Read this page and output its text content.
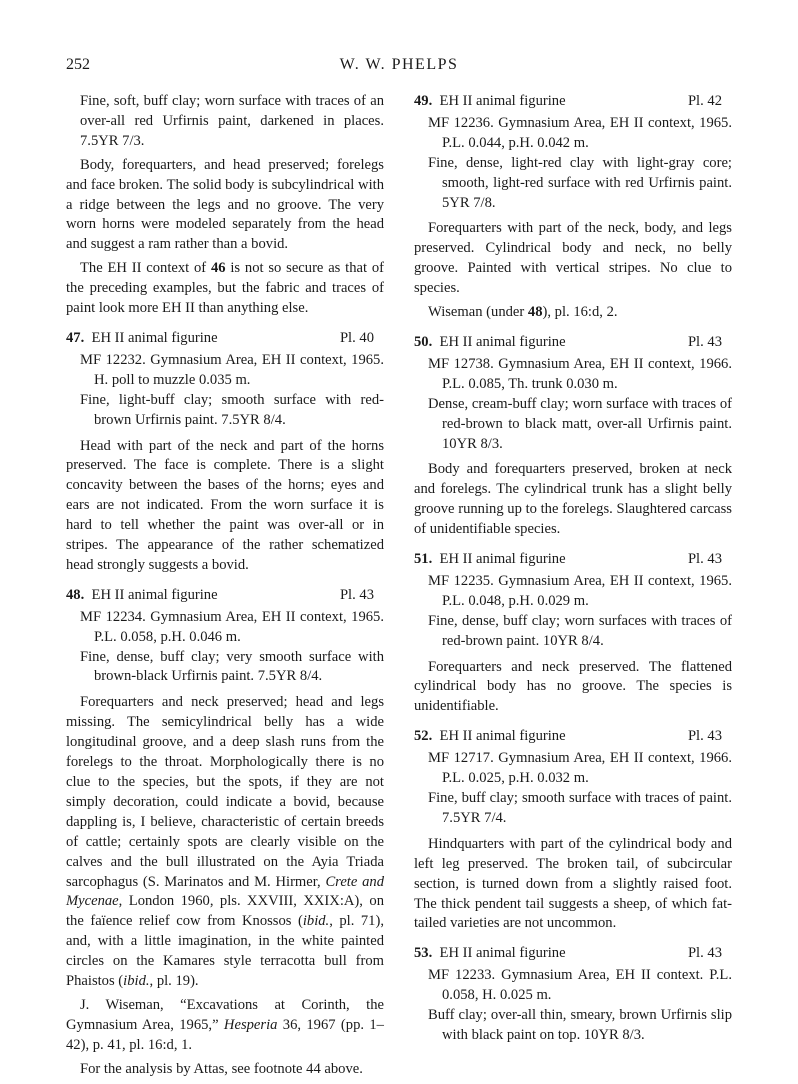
252	W. W. PHELPS

Fine, soft, buff clay; worn surface with traces of an over-all red Urfirnis paint, darkened in places. 7.5YR 7/3.

Body, forequarters, and head preserved; forelegs and face broken. The solid body is subcylindrical with a ridge between the legs and no groove. The very worn horns were modeled separately from the head and suggest a ram rather than a bovid.

The EH II context of 46 is not so secure as that of the preceding examples, but the fabric and traces of paint look more EH II than anything else.

47. EH II animal figurine	Pl. 40

MF 12232. Gymnasium Area, EH II context, 1965. H. poll to muzzle 0.035 m.

Fine, light-buff clay; smooth surface with red-brown Urfirnis paint. 7.5YR 8/4.

Head with part of the neck and part of the horns preserved. The face is complete. There is a slight concavity between the bases of the horns; eyes and ears are not indicated. From the worn surface it is hard to tell whether the paint was over-all or in stripes. The appearance of the rather schematized head strongly suggests a bovid.

48. EH II animal figurine	Pl. 43

MF 12234. Gymnasium Area, EH II context, 1965. P.L. 0.058, p.H. 0.046 m.

Fine, dense, buff clay; very smooth surface with brown-black Urfirnis paint. 7.5YR 8/4.

Forequarters and neck preserved; head and legs missing. The semicylindrical belly has a wide longitudinal groove, and a deep slash runs from the forelegs to the throat. Morphologically there is no clue to the species, but the spots, if they are not simply decoration, could indicate a bovid, because dappling is, I believe, characteristic of certain breeds of cattle; certainly spots are clearly visible on the calves and the bull illustrated on the Ayia Triada sarcophagus (S. Marinatos and M. Hirmer, Crete and Mycenae, London 1960, pls. XXVIII, XXIX:A), on the faïence relief cow from Knossos (ibid., pl. 71), and, with a little imagination, in the white painted circles on the Kamares style terracotta bull from Phaistos (ibid., pl. 19).

J. Wiseman, “Excavations at Corinth, the Gymnasium Area, 1965,” Hesperia 36, 1967 (pp. 1–42), p. 41, pl. 16:d, 1.

For the analysis by Attas, see footnote 44 above.

49. EH II animal figurine	Pl. 42

MF 12236. Gymnasium Area, EH II context, 1965. P.L. 0.044, p.H. 0.042 m.

Fine, dense, light-red clay with light-gray core; smooth, light-red surface with red Urfirnis paint. 5YR 7/8.

Forequarters with part of the neck, body, and legs preserved. Cylindrical body and neck, no belly groove. Painted with vertical stripes. No clue to species.

Wiseman (under 48), pl. 16:d, 2.

50. EH II animal figurine	Pl. 43

MF 12738. Gymnasium Area, EH II context, 1966. P.L. 0.085, Th. trunk 0.030 m.

Dense, cream-buff clay; worn surface with traces of red-brown to black matt, over-all Urfirnis paint. 10YR 8/3.

Body and forequarters preserved, broken at neck and forelegs. The cylindrical trunk has a slight belly groove running up to the forelegs. Slaughtered carcass of unidentifiable species.

51. EH II animal figurine	Pl. 43

MF 12235. Gymnasium Area, EH II context, 1965. P.L. 0.048, p.H. 0.029 m.

Fine, dense, buff clay; worn surfaces with traces of red-brown paint. 10YR 8/4.

Forequarters and neck preserved. The flattened cylindrical body has no groove. The species is unidentifiable.

52. EH II animal figurine	Pl. 43

MF 12717. Gymnasium Area, EH II context, 1966. P.L. 0.025, p.H. 0.032 m.

Fine, buff clay; smooth surface with traces of paint. 7.5YR 7/4.

Hindquarters with part of the cylindrical body and left leg preserved. The broken tail, of subcircular section, is turned down from a slightly raised foot. The thick pendent tail suggests a sheep, of which fat-tailed varieties are not uncommon.

53. EH II animal figurine	Pl. 43

MF 12233. Gymnasium Area, EH II context. P.L. 0.058, H. 0.025 m.

Buff clay; over-all thin, smeary, brown Urfirnis slip with black paint on top. 10YR 8/3.
